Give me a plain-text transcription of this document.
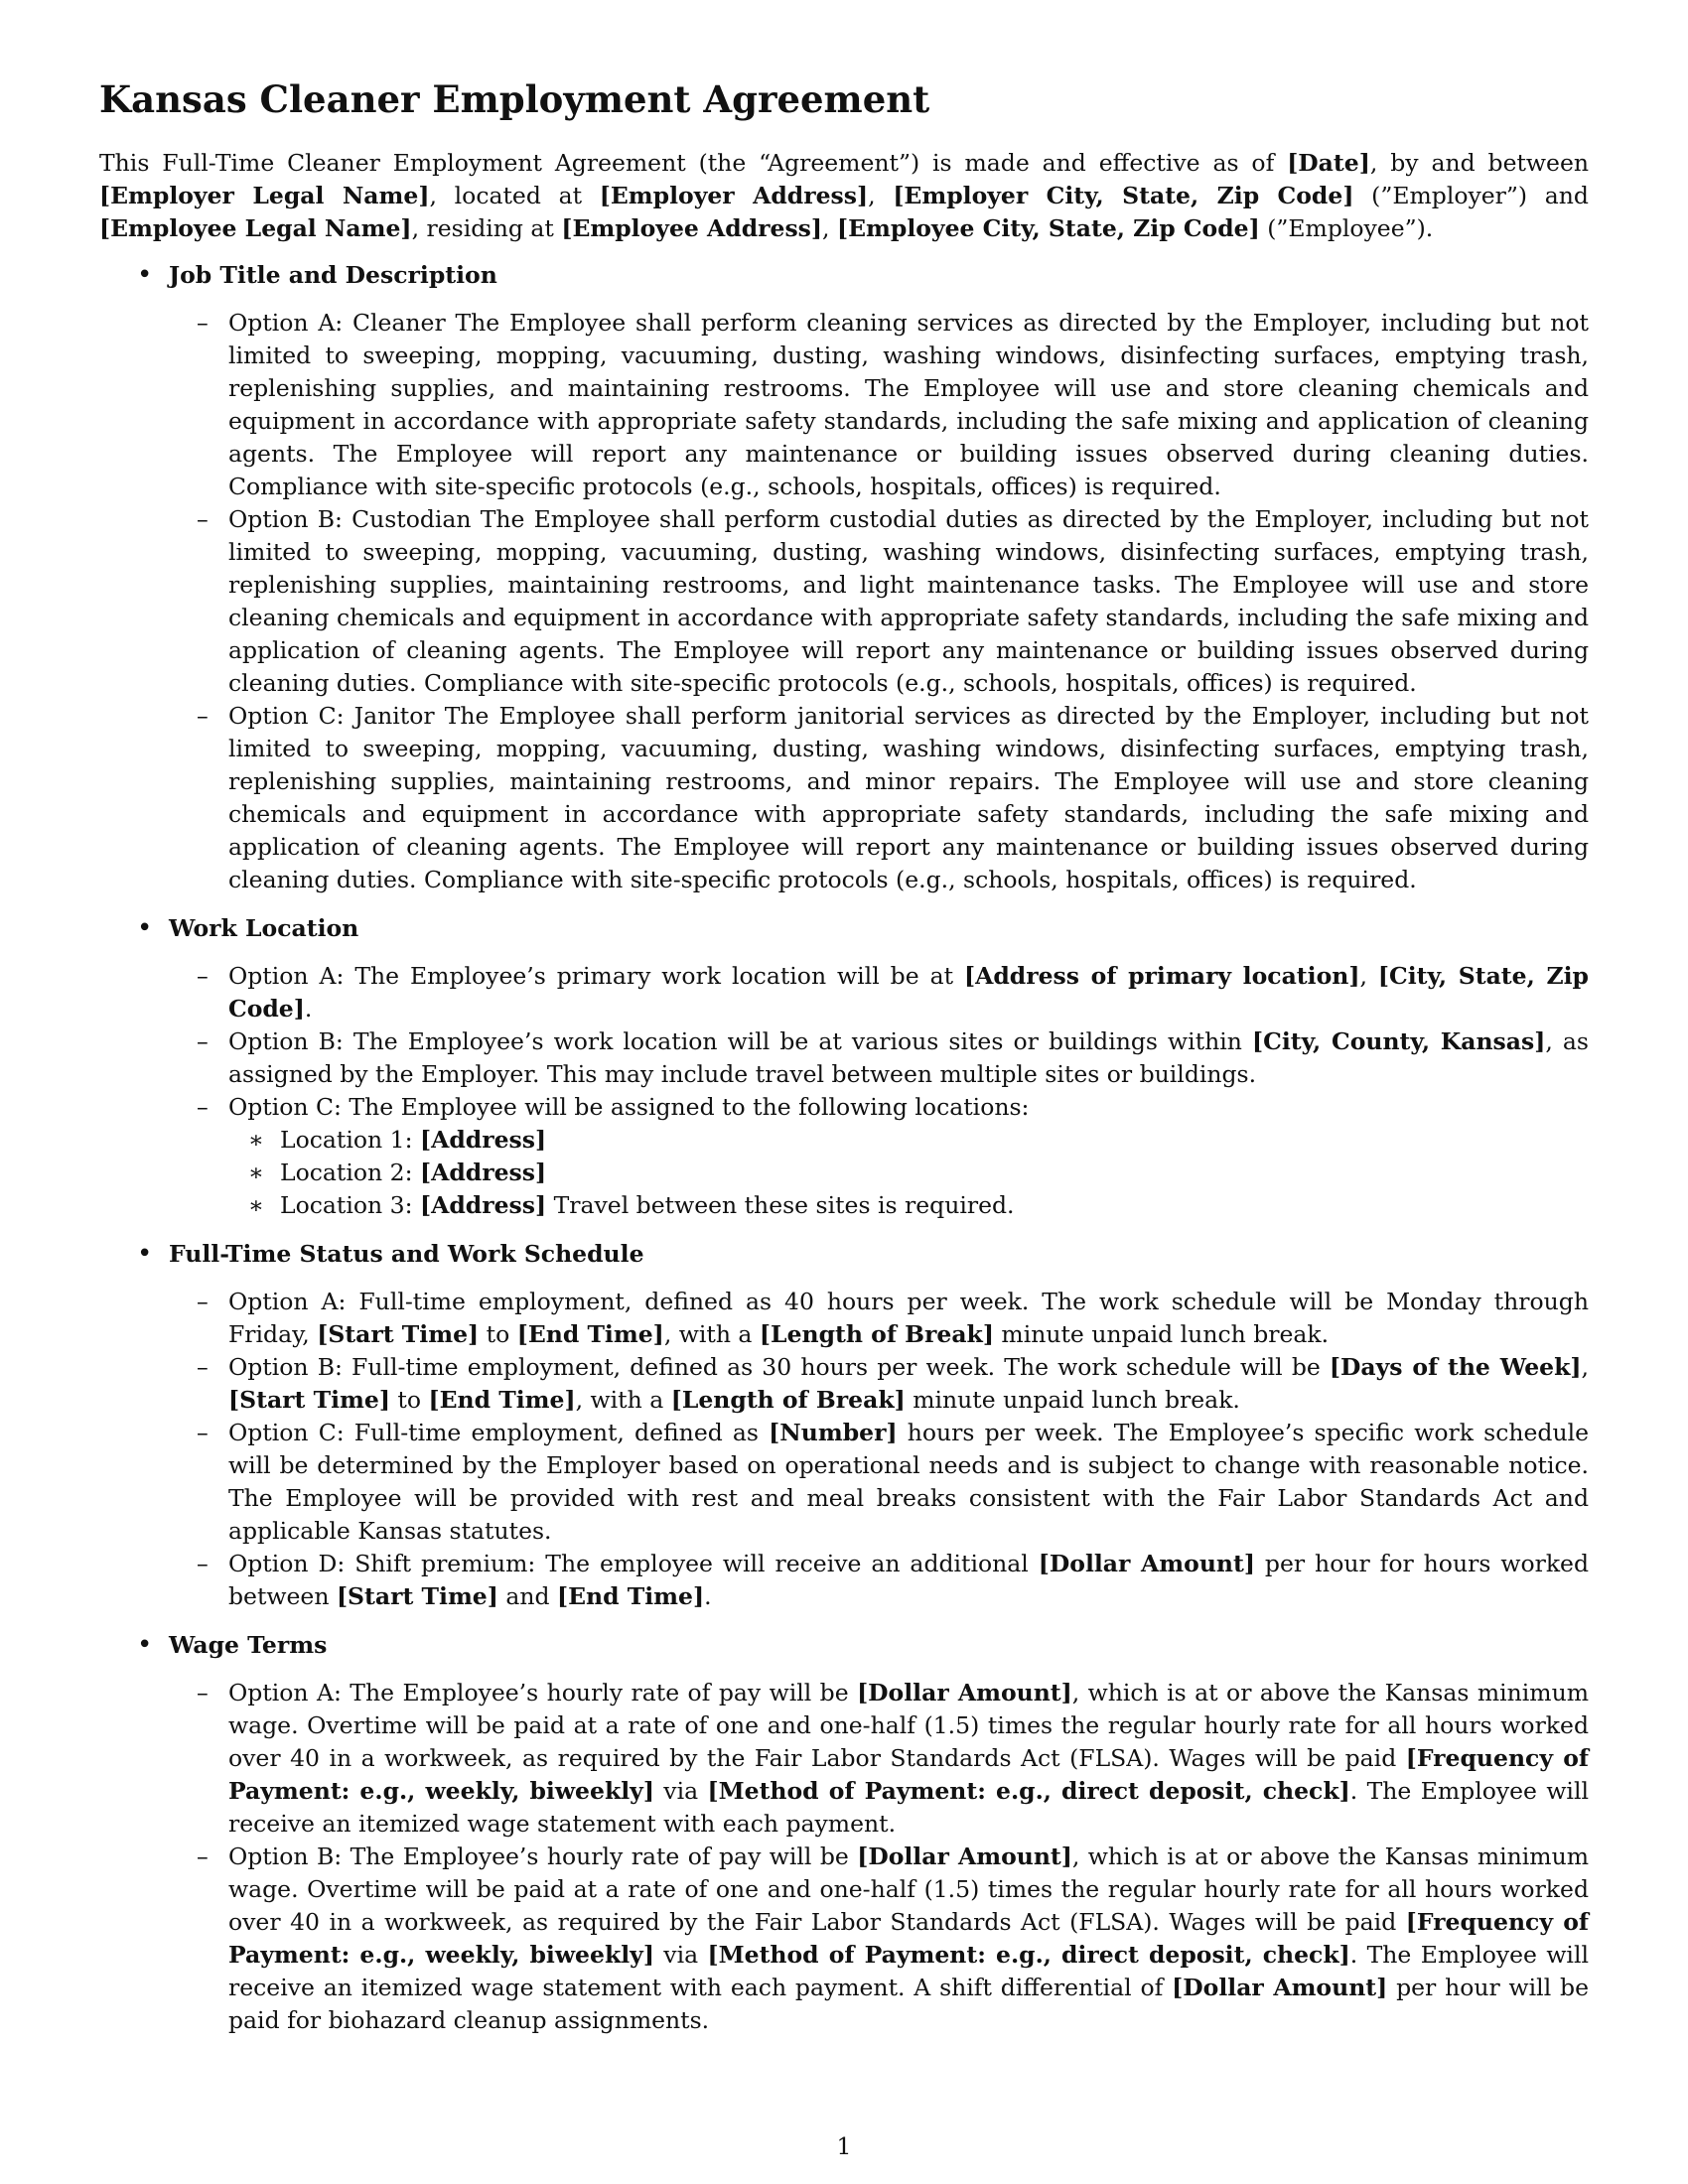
Kansas Cleaner Employment Agreement

This Full-Time Cleaner Employment Agreement (the “Agreement”) is made and effective as of [Date], by and between [Employer Legal Name], located at [Employer Address], [Employer City, State, Zip Code] (”Employer”) and [Employee Legal Name], residing at [Employee Address], [Employee City, State, Zip Code] (”Employee”).

• Job Title and Description
– Option A: Cleaner The Employee shall perform cleaning services as directed by the Employer, including but not limited to sweeping, mopping, vacuuming, dusting, washing windows, disinfecting surfaces, emptying trash, replenishing supplies, and maintaining restrooms. The Employee will use and store cleaning chemicals and equipment in accordance with appropriate safety standards, including the safe mixing and application of cleaning agents. The Employee will report any maintenance or building issues observed during cleaning duties. Compliance with site-specific protocols (e.g., schools, hospitals, offices) is required.
– Option B: Custodian The Employee shall perform custodial duties as directed by the Employer, including but not limited to sweeping, mopping, vacuuming, dusting, washing windows, disinfecting surfaces, emptying trash, replenishing supplies, maintaining restrooms, and light maintenance tasks. The Employee will use and store cleaning chemicals and equipment in accordance with appropriate safety standards, including the safe mixing and application of cleaning agents. The Employee will report any maintenance or building issues observed during cleaning duties. Compliance with site-specific protocols (e.g., schools, hospitals, offices) is required.
– Option C: Janitor The Employee shall perform janitorial services as directed by the Employer, including but not limited to sweeping, mopping, vacuuming, dusting, washing windows, disinfecting surfaces, emptying trash, replenishing supplies, maintaining restrooms, and minor repairs. The Employee will use and store cleaning chemicals and equipment in accordance with appropriate safety standards, including the safe mixing and application of cleaning agents. The Employee will report any maintenance or building issues observed during cleaning duties. Compliance with site-specific protocols (e.g., schools, hospitals, offices) is required.
• Work Location
– Option A: The Employee’s primary work location will be at [Address of primary location], [City, State, Zip Code].
– Option B: The Employee’s work location will be at various sites or buildings within [City, County, Kansas], as assigned by the Employer. This may include travel between multiple sites or buildings.
– Option C: The Employee will be assigned to the following locations:
∗ Location 1: [Address]
∗ Location 2: [Address]
∗ Location 3: [Address] Travel between these sites is required.
• Full-Time Status and Work Schedule
– Option A: Full-time employment, defined as 40 hours per week. The work schedule will be Monday through Friday, [Start Time] to [End Time], with a [Length of Break] minute unpaid lunch break.
– Option B: Full-time employment, defined as 30 hours per week. The work schedule will be [Days of the Week], [Start Time] to [End Time], with a [Length of Break] minute unpaid lunch break.
– Option C: Full-time employment, defined as [Number] hours per week. The Employee’s specific work schedule will be determined by the Employer based on operational needs and is subject to change with reasonable notice. The Employee will be provided with rest and meal breaks consistent with the Fair Labor Standards Act and applicable Kansas statutes.
– Option D: Shift premium: The employee will receive an additional [Dollar Amount] per hour for hours worked between [Start Time] and [End Time].
• Wage Terms
– Option A: The Employee’s hourly rate of pay will be [Dollar Amount], which is at or above the Kansas minimum wage. Overtime will be paid at a rate of one and one-half (1.5) times the regular hourly rate for all hours worked over 40 in a workweek, as required by the Fair Labor Standards Act (FLSA). Wages will be paid [Frequency of Payment: e.g., weekly, biweekly] via [Method of Payment: e.g., direct deposit, check]. The Employee will receive an itemized wage statement with each payment.
– Option B: The Employee’s hourly rate of pay will be [Dollar Amount], which is at or above the Kansas minimum wage. Overtime will be paid at a rate of one and one-half (1.5) times the regular hourly rate for all hours worked over 40 in a workweek, as required by the Fair Labor Standards Act (FLSA). Wages will be paid [Frequency of Payment: e.g., weekly, biweekly] via [Method of Payment: e.g., direct deposit, check]. The Employee will receive an itemized wage statement with each payment. A shift differential of [Dollar Amount] per hour will be paid for biohazard cleanup assignments.
1
